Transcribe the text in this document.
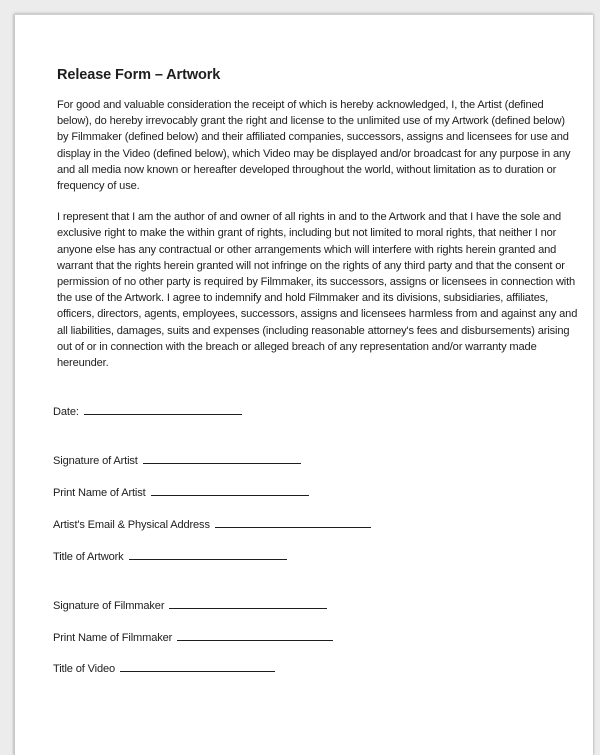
Release Form – Artwork
For good and valuable consideration the receipt of which is hereby acknowledged, I, the Artist (defined
below), do hereby irrevocably grant the right and license to the unlimited use of my Artwork (defined below)
by Filmmaker (defined below) and their affiliated companies, successors, assigns and licensees for use and
display in the Video (defined below), which Video may be displayed and/or broadcast for any purpose in any
and all media now known or hereafter developed throughout the world, without limitation as to duration or
frequency of use.
I represent that I am the author of and owner of all rights in and to the Artwork and that I have the sole and
exclusive right to make the within grant of rights, including but not limited to moral rights, that neither I nor
anyone else has any contractual or other arrangements which will interfere with rights herein granted and
warrant that the rights herein granted will not infringe on the rights of any third party and that the consent or
permission of no other party is required by Filmmaker, its successors, assigns or licensees in connection with
the use of the Artwork. I agree to indemnify and hold Filmmaker and its divisions, subsidiaries, affiliates,
officers, directors, agents, employees, successors, assigns and licensees harmless from and against any and
all liabilities, damages, suits and expenses (including reasonable attorney's fees and disbursements) arising
out of or in connection with the breach or alleged breach of any representation and/or warranty made
hereunder.
Date:
Signature of Artist
Print Name of Artist
Artist's Email & Physical Address
Title of Artwork
Signature of Filmmaker
Print Name of Filmmaker
Title of Video
